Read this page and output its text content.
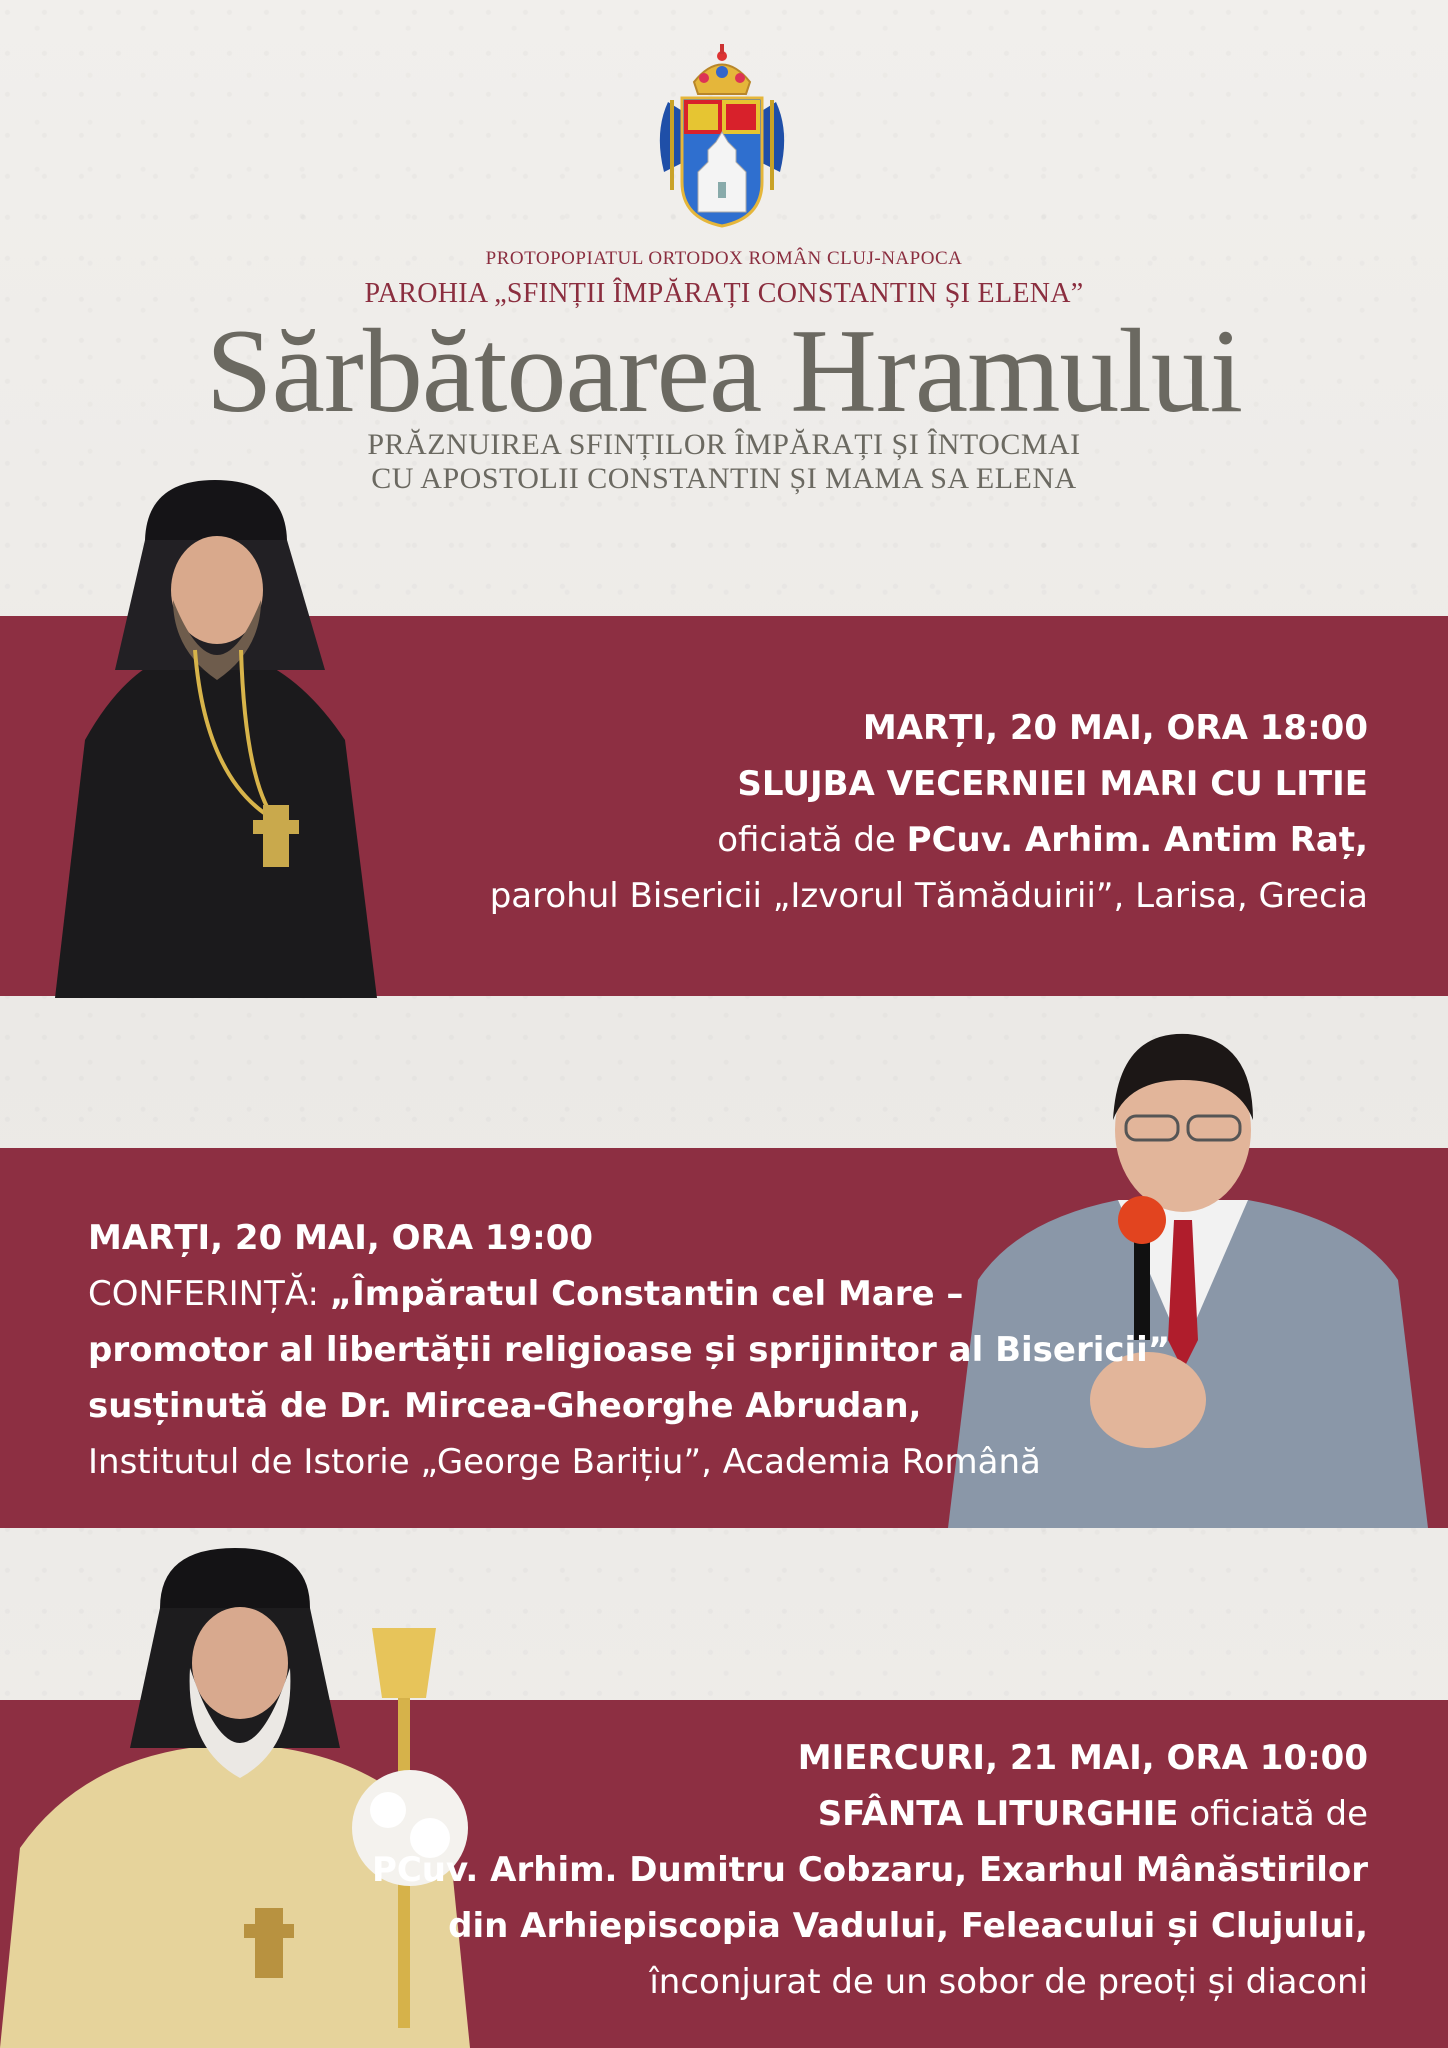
PROTOPOPIATUL ORTODOX ROMÂN CLUJ-NAPOCA
PAROHIA „SFINȚII ÎMPĂRAȚI CONSTANTIN ȘI ELENA”
Sărbătoarea Hramului
PRĂZNUIREA SFINȚILOR ÎMPĂRAȚI ȘI ÎNTOCMAI
CU APOSTOLII CONSTANTIN ȘI MAMA SA ELENA
MARȚI, 20 MAI, ORA 18:00
SLUJBA VECERNIEI MARI CU LITIE
oficiată de PCuv. Arhim. Antim Raț,
parohul Bisericii „Izvorul Tămăduirii”, Larisa, Grecia
MARȚI, 20 MAI, ORA 19:00
CONFERINȚĂ: „Împăratul Constantin cel Mare –
promotor al libertății religioase și sprijinitor al Bisericii”
susținută de Dr. Mircea-Gheorghe Abrudan,
Institutul de Istorie „George Barițiu”, Academia Română
MIERCURI, 21 MAI, ORA 10:00
SFÂNTA LITURGHIE oficiată de
PCuv. Arhim. Dumitru Cobzaru, Exarhul Mânăstirilor
din Arhiepiscopia Vadului, Feleacului și Clujului,
înconjurat de un sobor de preoți și diaconi
